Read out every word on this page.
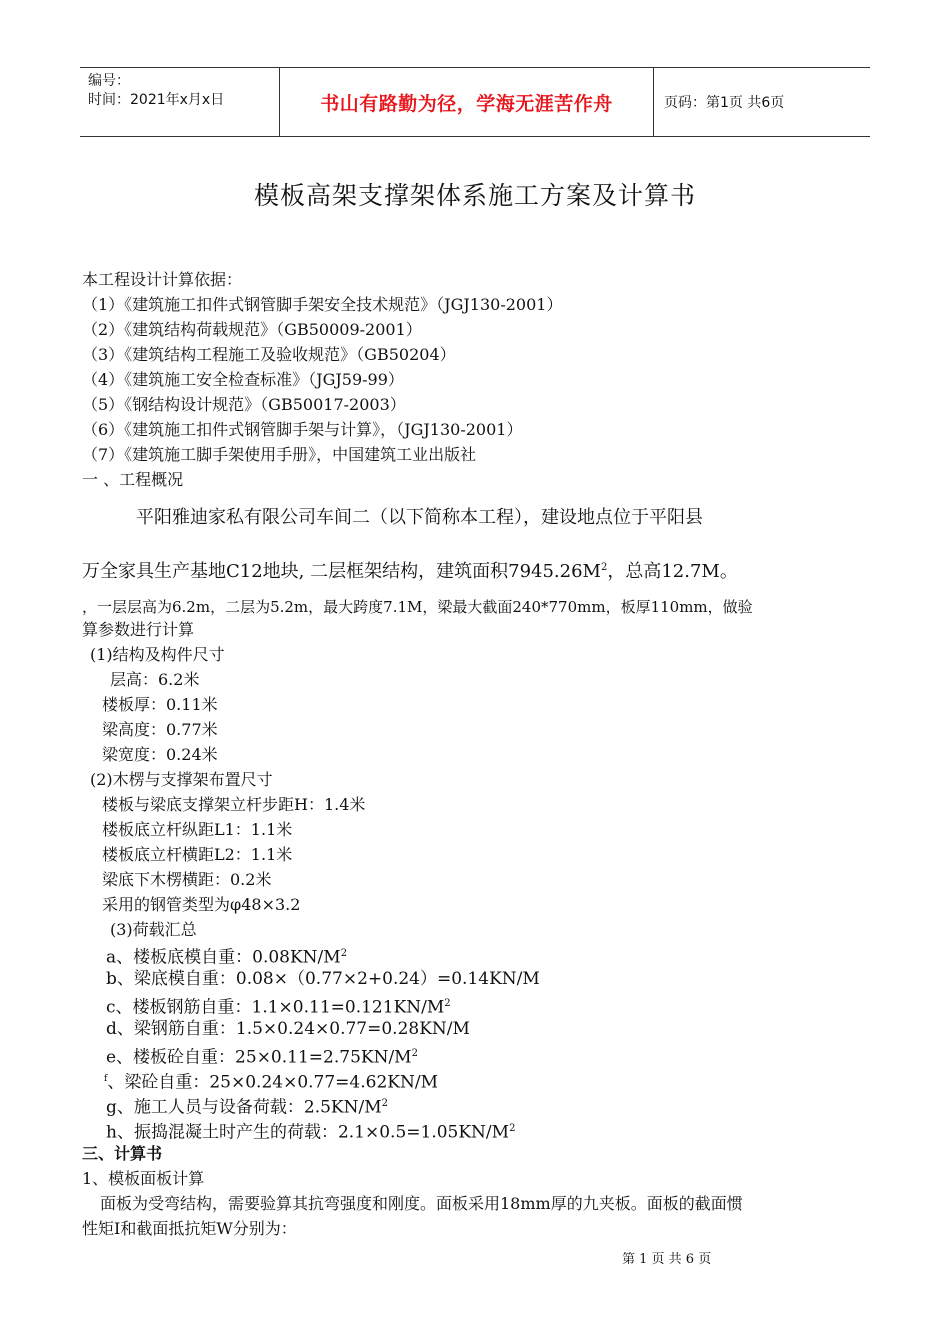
编号：
时间：2021年x月x日	书山有路勤为径，学海无涯苦作舟	页码：第1页 共6页
模板高架支撑架体系施工方案及计算书
本工程设计计算依据：
（1）《建筑施工扣件式钢管脚手架安全技术规范》（JGJ130-2001）
（2）《建筑结构荷载规范》（GB50009-2001）
（3）《建筑结构工程施工及验收规范》（GB50204）
（4）《建筑施工安全检查标准》（JGJ59-99）
（5）《钢结构设计规范》（GB50017-2003）
（6）《建筑施工扣件式钢管脚手架与计算》，（JGJ130-2001）
（7）《建筑施工脚手架使用手册》，中国建筑工业出版社
一 、工程概况
平阳雅迪家私有限公司车间二（以下简称本工程），建设地点位于平阳县
万全家具生产基地C12地块, 二层框架结构，建筑面积$7945.26M^2$，总高12.7M。
，一层层高为6.2m，二层为5.2m，最大跨度7.1M，梁最大截面240*770mm，板厚110mm，做验
算参数进行计算
(1)结构及构件尺寸
层高：6.2米
楼板厚：0.11米
梁高度：0.77米
梁宽度：0.24米
(2)木楞与支撑架布置尺寸
楼板与梁底支撑架立杆步距H：1.4米
楼板底立杆纵距L1：1.1米
楼板底立杆横距L2：1.1米
梁底下木楞横距：0.2米
采用的钢管类型为φ48×3.2
(3)荷载汇总
a、楼板底模自重：$0.08KN/M^2$
b、梁底模自重：0.08×（0.77×2+0.24）=0.14KN/M
c、楼板钢筋自重：$1.1\times 0.11=0.121KN/M^2$
d、梁钢筋自重：1.5×0.24×0.77=0.28KN/M
e、楼板砼自重：$25\times 0.11=2.75KN/M^2$
$^f$、梁砼自重：25×0.24×0.77=4.62KN/M
g、施工人员与设备荷载：$2.5KN/M^2$
h、振捣混凝土时产生的荷载：$2.1\times 0.5=1.05KN/M^2$
三、计算书
1、模板面板计算
面板为受弯结构，需要验算其抗弯强度和刚度。面板采用18mm厚的九夹板。面板的截面惯
性矩I和截面抵抗矩W分别为：
第 1 页 共 6 页
